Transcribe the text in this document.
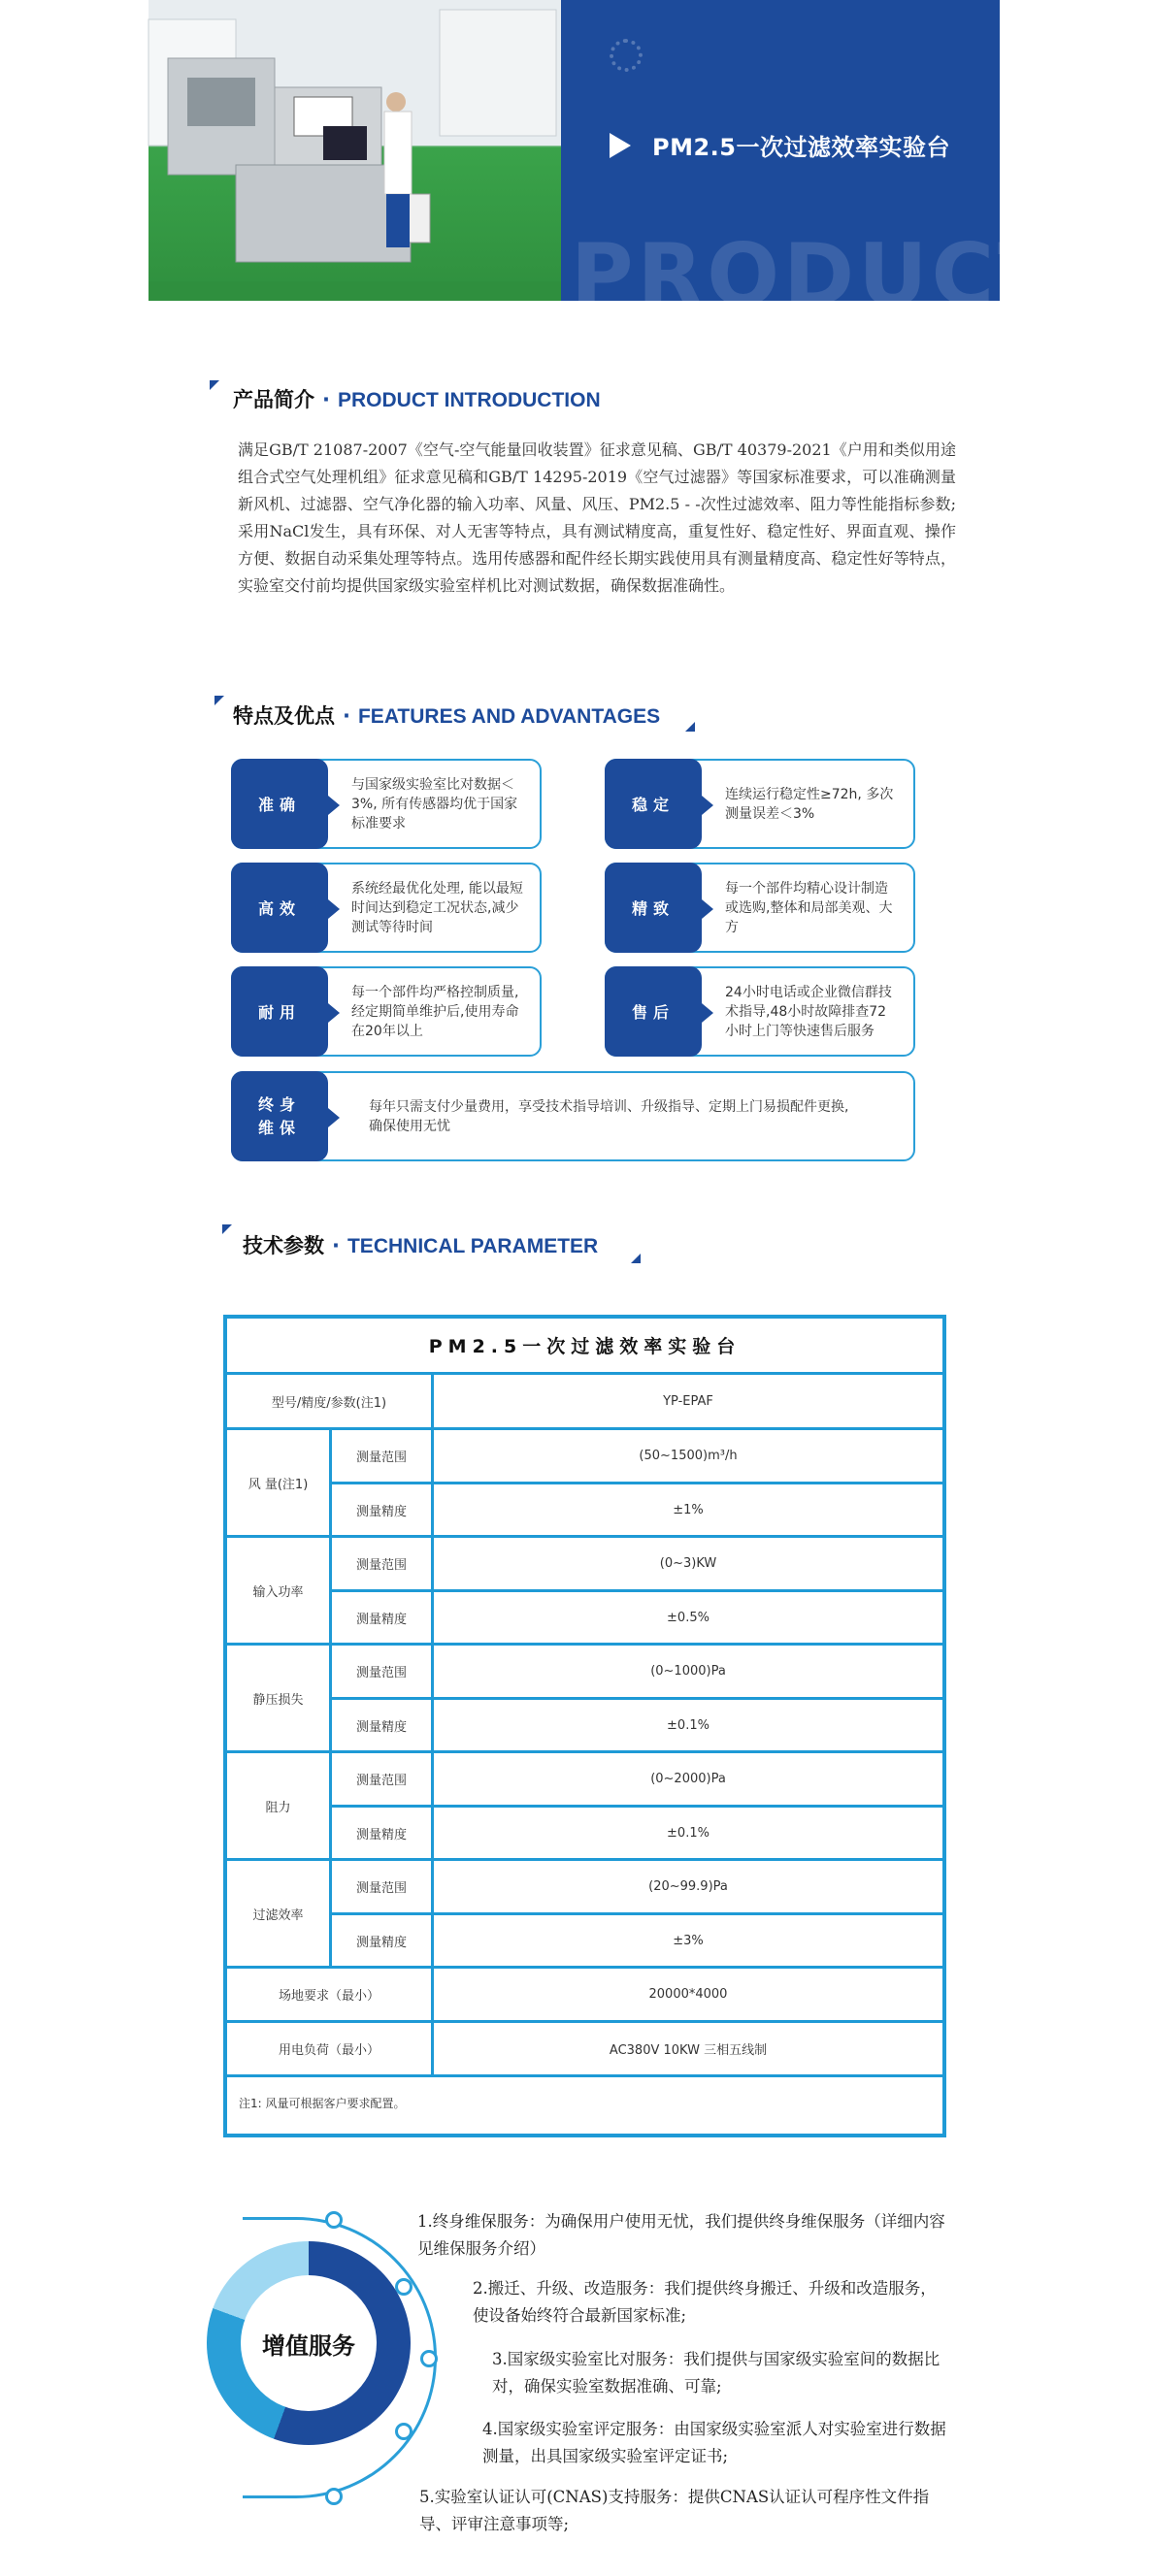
PRODUCT
PM2.5一次过滤效率实验台
产品简介 · PRODUCT INTRODUCTION
满足GB/T 21087-2007《空气-空气能量回收装置》征求意见稿、GB/T 40379-2021《户用和类似用途组合式空气处理机组》征求意见稿和GB/T 14295-2019《空气过滤器》等国家标准要求，可以准确测量新风机、过滤器、空气净化器的输入功率、风量、风压、PM2.5 - -次性过滤效率、阻力等性能指标参数;采用NaCl发生，具有环保、对人无害等特点，具有测试精度高，重复性好、稳定性好、界面直观、操作方便、数据自动采集处理等特点。选用传感器和配件经长期实践使用具有测量精度高、稳定性好等特点，实验室交付前均提供国家级实验室样机比对测试数据，确保数据准确性。
特点及优点 · FEATURES AND ADVANTAGES
准确
与国家级实验室比对数据＜3%, 所有传感器均优于国家标准要求
稳定
连续运行稳定性≥72h, 多次测量误差＜3%
高效
系统经最优化处理, 能以最短时间达到稳定工况状态,减少测试等待时间
精致
每一个部件均精心设计制造或选购,整体和局部美观、大方
耐用
每一个部件均严格控制质量,经定期简单维护后,使用寿命在20年以上
售后
24小时电话或企业微信群技术指导,48小时故障排查72小时上门等快速售后服务
终身维保
每年只需支付少量费用，享受技术指导培训、升级指导、定期上门易损配件更换,确保使用无忧
技术参数 · TECHNICAL PARAMETER
PM2.5一次过滤效率实验台
型号/精度/参数(注1)	YP-EPAF
风 量(注1)
测量范围	(50~1500)m³/h
测量精度	±1%
输入功率
测量范围	(0~3)KW
测量精度	±0.5%
静压损失
测量范围	(0~1000)Pa
测量精度	±0.1%
阻力
测量范围	(0~2000)Pa
测量精度	±0.1%
过滤效率
测量范围	(20~99.9)Pa
测量精度	±3%
场地要求（最小）	20000*4000
用电负荷（最小）	AC380V 10KW 三相五线制
注1: 风量可根据客户要求配置。
增值服务
1.终身维保服务：为确保用户使用无忧，我们提供终身维保服务（详细内容见维保服务介绍）
2.搬迁、升级、改造服务：我们提供终身搬迁、升级和改造服务，使设备始终符合最新国家标准;
3.国家级实验室比对服务：我们提供与国家级实验室间的数据比对，确保实验室数据准确、可靠;
4.国家级实验室评定服务：由国家级实验室派人对实验室进行数据测量，出具国家级实验室评定证书;
5.实验室认证认可(CNAS)支持服务：提供CNAS认证认可程序性文件指导、评审注意事项等;
